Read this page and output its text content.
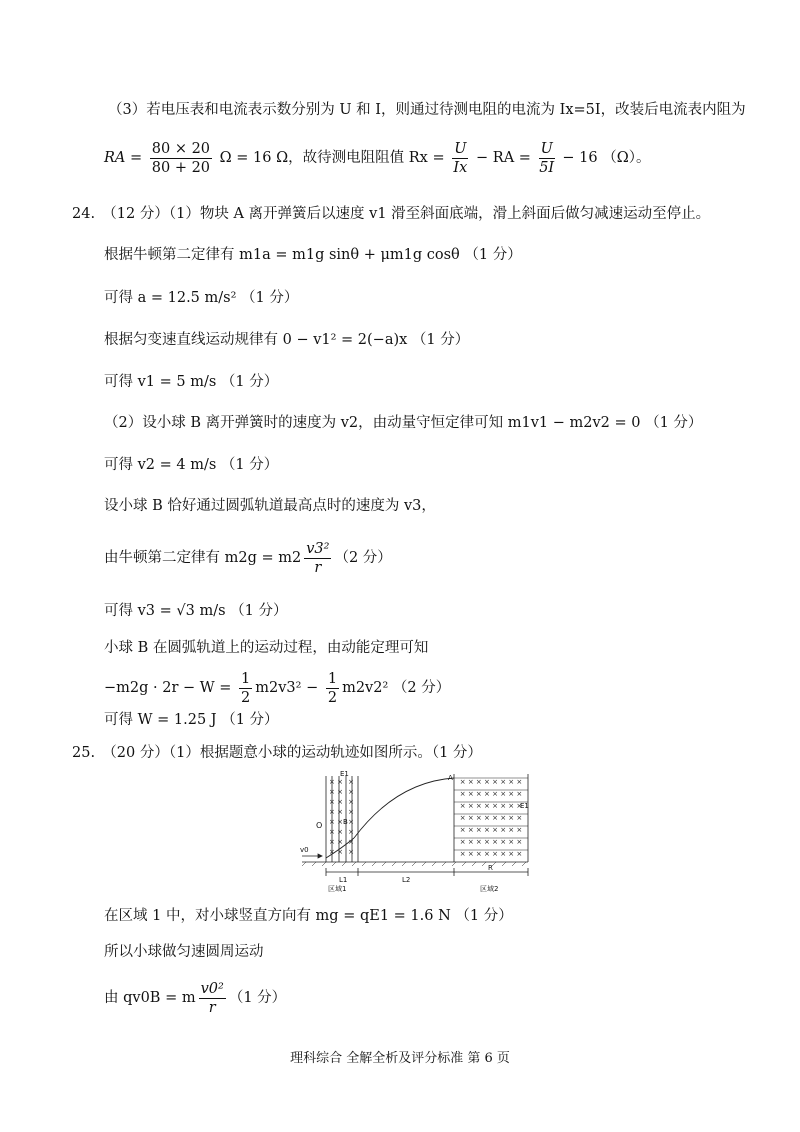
（3）若电压表和电流表示数分别为 U 和 I，则通过待测电阻的电流为 Ix=5I，改装后电流表内阻为
RA = $\frac{80 \times 20}{80 + 20}$ Ω = 16 Ω，故待测电阻阻值 $Rx = \frac{U}{Ix}$ − RA = $\frac{U}{5I} - 16$ （Ω）。
24.　（12 分）（1）物块 A 离开弹簧后以速度 v1 滑至斜面底端，滑上斜面后做匀减速运动至停止。
根据牛顿第二定律有 m1a = m1g sinθ + μm1g cosθ （1 分）
可得 a = 12.5 m/s² （1 分）
根据匀变速直线运动规律有 0 − v1² = 2(−a)x （1 分）
可得 v1 = 5 m/s （1 分）
（2）设小球 B 离开弹簧时的速度为 v2，由动量守恒定律可知 m1v1 − m2v2 = 0 （1 分）
可得 v2 = 4 m/s （1 分）
设小球 B 恰好通过圆弧轨道最高点时的速度为 v3，
由牛顿第二定律有 $m2g = m2 \frac{\text{v3²}}{r} (2$ 分）
可得 v3 = √3 m/s （1 分）
小球 B 在圆弧轨道上的运动过程，由动能定理可知
$-m2g \cdot 2r - W = \frac{1}{2} m2v3^2 - \frac{1}{2} m2v2^2$ （2 分）
可得 W = 1.25 J （1 分）
25.　（20 分）（1）根据题意小球的运动轨迹如图所示。（1 分）
× ×
× ×
× ×
× ×
× ×
× ×
× ×
× ×
×
×
×
×
×
×
×
×
× × × × × × × ×
× × × × × × × ×
× × × × × × × ×
× × × × × × × ×
× × × × × × × ×
× × × × × × × ×
× × × × × × × ×
E1
O	B
v0
L1	L2
区域1
R
区域2
E1
A
在区域 1 中，对小球竖直方向有 mg = qE1 = 1.6 N （1 分）
所以小球做匀速圆周运动
由 qv0B = m $\frac{\text{v0²}}{r} (1$ 分）
理科综合 全解全析及评分标准 第 6 页
